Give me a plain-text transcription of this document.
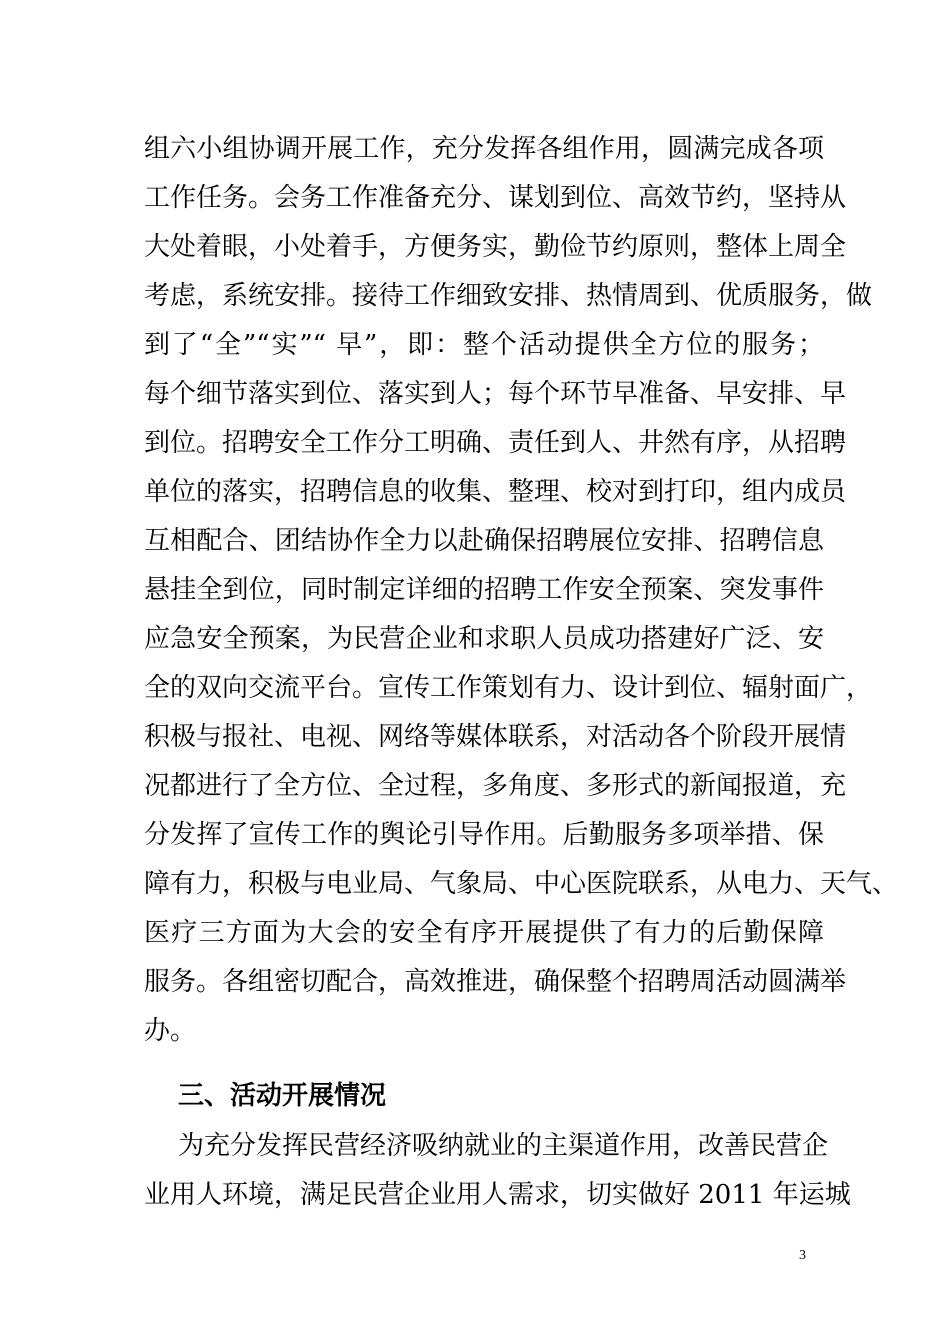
组六小组协调开展工作，充分发挥各组作用，圆满完成各项
工作任务。会务工作准备充分、谋划到位、高效节约，坚持从
大处着眼，小处着手，方便务实，勤俭节约原则，整体上周全
考虑，系统安排。接待工作细致安排、热情周到、优质服务，做
到了“全”“实”“ 早”，即：整个活动提供全方位的服务；
每个细节落实到位、落实到人；每个环节早准备、早安排、早
到位。招聘安全工作分工明确、责任到人、井然有序，从招聘
单位的落实，招聘信息的收集、整理、校对到打印，组内成员
互相配合、团结协作全力以赴确保招聘展位安排、招聘信息
悬挂全到位，同时制定详细的招聘工作安全预案、突发事件
应急安全预案，为民营企业和求职人员成功搭建好广泛、安
全的双向交流平台。宣传工作策划有力、设计到位、辐射面广，
积极与报社、电视、网络等媒体联系，对活动各个阶段开展情
况都进行了全方位、全过程，多角度、多形式的新闻报道，充
分发挥了宣传工作的舆论引导作用。后勤服务多项举措、保
障有力，积极与电业局、气象局、中心医院联系，从电力、天气、
医疗三方面为大会的安全有序开展提供了有力的后勤保障
服务。各组密切配合，高效推进，确保整个招聘周活动圆满举
办。
三、活动开展情况
为充分发挥民营经济吸纳就业的主渠道作用，改善民营企
业用人环境，满足民营企业用人需求，切实做好 2011 年运城
3
